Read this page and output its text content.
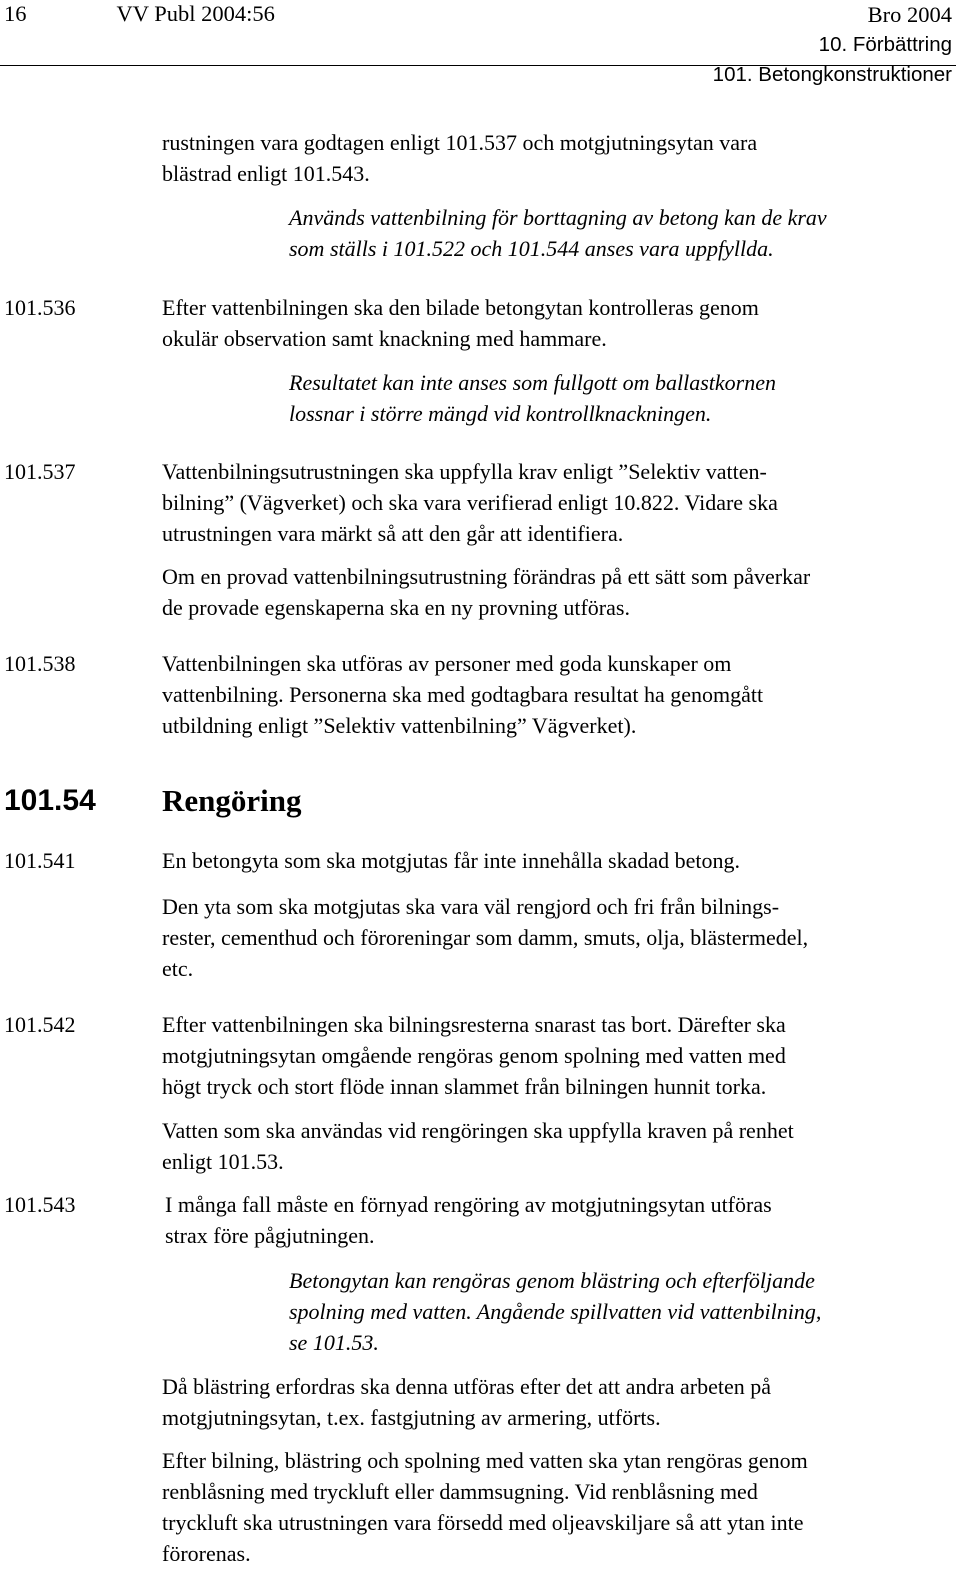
16	VV Publ 2004:56	Bro 2004
10. Förbättring
101. Betongkonstruktioner
rustningen vara godtagen enligt 101.537 och motgjutningsytan vara
blästrad enligt 101.543.
Används vattenbilning för borttagning av betong kan de krav
som ställs i 101.522 och 101.544 anses vara uppfyllda.
101.536	Efter vattenbilningen ska den bilade betongytan kontrolleras genom
okulär observation samt knackning med hammare.
Resultatet kan inte anses som fullgott om ballastkornen
lossnar i större mängd vid kontrollknackningen.
101.537	Vattenbilningsutrustningen ska uppfylla krav enligt ”Selektiv vatten-
bilning” (Vägverket) och ska vara verifierad enligt 10.822. Vidare ska
utrustningen vara märkt så att den går att identifiera.
Om en provad vattenbilningsutrustning förändras på ett sätt som påverkar
de provade egenskaperna ska en ny provning utföras.
101.538	Vattenbilningen ska utföras av personer med goda kunskaper om
vattenbilning. Personerna ska med godtagbara resultat ha genomgått
utbildning enligt ”Selektiv vattenbilning” Vägverket).
101.54 Rengöring
101.541	En betongyta som ska motgjutas får inte innehålla skadad betong.
Den yta som ska motgjutas ska vara väl rengjord och fri från bilnings-
rester, cementhud och föroreningar som damm, smuts, olja, blästermedel,
etc.
101.542	Efter vattenbilningen ska bilningsresterna snarast tas bort. Därefter ska
motgjutningsytan omgående rengöras genom spolning med vatten med
högt tryck och stort flöde innan slammet från bilningen hunnit torka.
Vatten som ska användas vid rengöringen ska uppfylla kraven på renhet
enligt 101.53.
101.543	I många fall måste en förnyad rengöring av motgjutningsytan utföras
strax före pågjutningen.
Betongytan kan rengöras genom blästring och efterföljande
spolning med vatten. Angående spillvatten vid vattenbilning,
se 101.53.
Då blästring erfordras ska denna utföras efter det att andra arbeten på
motgjutningsytan, t.ex. fastgjutning av armering, utförts.
Efter bilning, blästring och spolning med vatten ska ytan rengöras genom
renblåsning med tryckluft eller dammsugning. Vid renblåsning med
tryckluft ska utrustningen vara försedd med oljeavskiljare så att ytan inte
förorenas.
